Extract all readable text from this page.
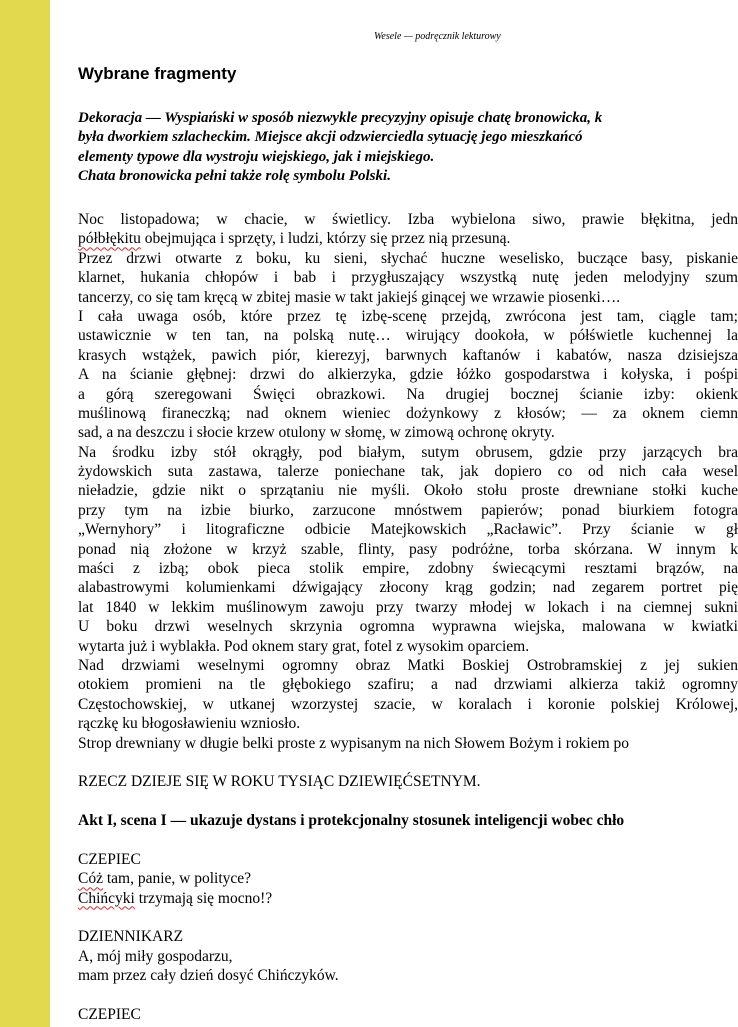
Wesele — podręcznik lekturowy
Wybrane fragmenty
Dekoracja — Wyspiański w sposób niezwykle precyzyjny opisuje chatę bronowicka, k
była dworkiem szlacheckim. Miejsce akcji odzwierciedla sytuację jego mieszkańcó
elementy typowe dla wystroju wiejskiego, jak i miejskiego.
Chata bronowicka pełni także rolę symbolu Polski.
Noc listopadowa; w chacie, w świetlicy. Izba wybielona siwo, prawie błękitna, jedn
półbłękitu obejmująca i sprzęty, i ludzi, którzy się przez nią przesuną.
Przez drzwi otwarte z boku, ku sieni, słychać huczne weselisko, buczące basy, piskanie
klarnet, hukania chłopów i bab i przygłuszający wszystką nutę jeden melodyjny szum
tancerzy, co się tam kręcą w zbitej masie w takt jakiejś ginącej we wrzawie piosenki….
I cała uwaga osób, które przez tę izbę-scenę przejdą, zwrócona jest tam, ciągle tam;
ustawicznie w ten tan, na polską nutę… wirujący dookoła, w półświetle kuchennej la
krasych wstążek, pawich piór, kierezyj, barwnych kaftanów i kabatów, nasza dzisiejsza
A na ścianie głębnej: drzwi do alkierzyka, gdzie łóżko gospodarstwa i kołyska, i pośpi
a górą szeregowani Święci obrazkowi. Na drugiej bocznej ścianie izby: okienk
muślinową firaneczką; nad oknem wieniec dożynkowy z kłosów; — za oknem ciemn
sad, a na deszczu i słocie krzew otulony w słomę, w zimową ochronę okryty.
Na środku izby stół okrągły, pod białym, sutym obrusem, gdzie przy jarzących bra
żydowskich suta zastawa, talerze poniechane tak, jak dopiero co od nich cała wesel
nieładzie, gdzie nikt o sprzątaniu nie myśli. Około stołu proste drewniane stołki kuche
przy tym na izbie biurko, zarzucone mnóstwem papierów; ponad biurkiem fotogra
„Wernyhory” i litograficzne odbicie Matejkowskich „Racławic”. Przy ścianie w gł
ponad nią złożone w krzyż szable, flinty, pasy podróżne, torba skórzana. W innym k
maści z izbą; obok pieca stolik empire, zdobny świecącymi resztami brązów, na
alabastrowymi kolumienkami dźwigający złocony krąg godzin; nad zegarem portret pię
lat 1840 w lekkim muślinowym zawoju przy twarzy młodej w lokach i na ciemnej sukni
U boku drzwi weselnych skrzynia ogromna wyprawna wiejska, malowana w kwiatki
wytarta już i wyblakła. Pod oknem stary grat, fotel z wysokim oparciem.
Nad drzwiami weselnymi ogromny obraz Matki Boskiej Ostrobramskiej z jej sukien
otokiem promieni na tle głębokiego szafiru; a nad drzwiami alkierza takiż ogromny
Częstochowskiej, w utkanej wzorzystej szacie, w koralach i koronie polskiej Królowej,
rączkę ku błogosławieniu wzniosło.
Strop drewniany w długie belki proste z wypisanym na nich Słowem Bożym i rokiem po
RZECZ DZIEJE SIĘ W ROKU TYSIĄC DZIEWIĘĆSETNYM.
Akt I, scena I — ukazuje dystans i protekcjonalny stosunek inteligencji wobec chło
CZEPIEC
Cóż tam, panie, w polityce?
Chińcyki trzymają się mocno!?
DZIENNIKARZ
A, mój miły gospodarzu,
mam przez cały dzień dosyć Chińczyków.
CZEPIEC
